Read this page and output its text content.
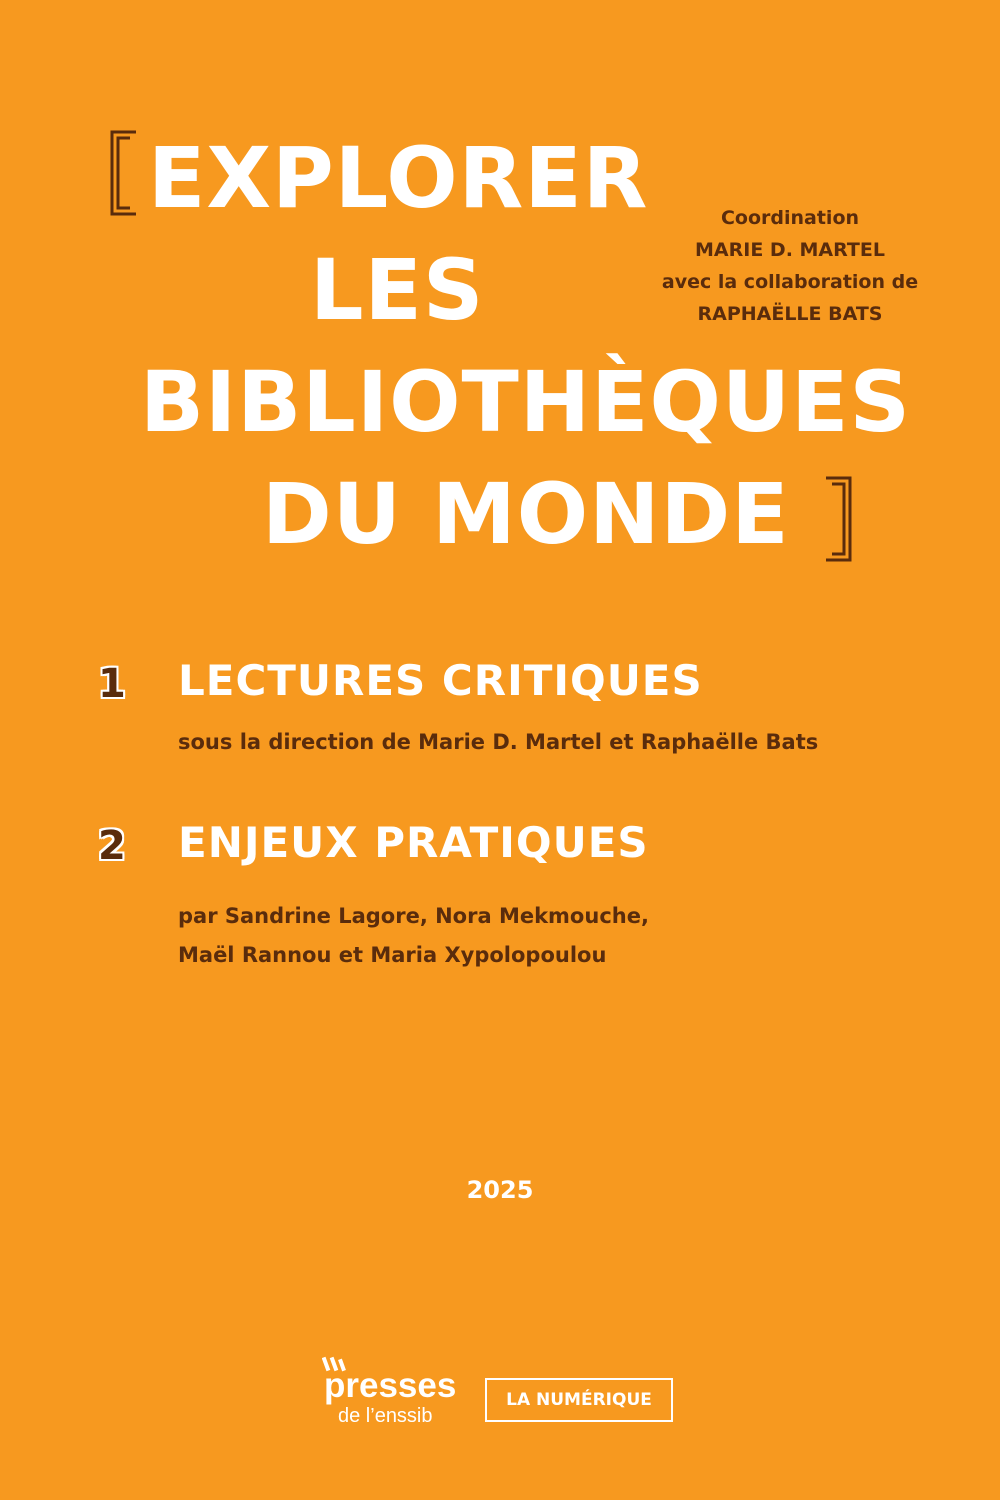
EXPLORER
LES
BIBLIOTHÈQUES
DU MONDE
Coordination
MARIE D. MARTEL
avec la collaboration de
RAPHAËLLE BATS
1 LECTURES CRITIQUES
sous la direction de Marie D. Martel et Raphaëlle Bats
2 ENJEUX PRATIQUES
par Sandrine Lagore, Nora Mekmouche,
Maël Rannou et Maria Xypolopoulou
2025
presses
de l’enssib
LA NUMÉRIQUE
